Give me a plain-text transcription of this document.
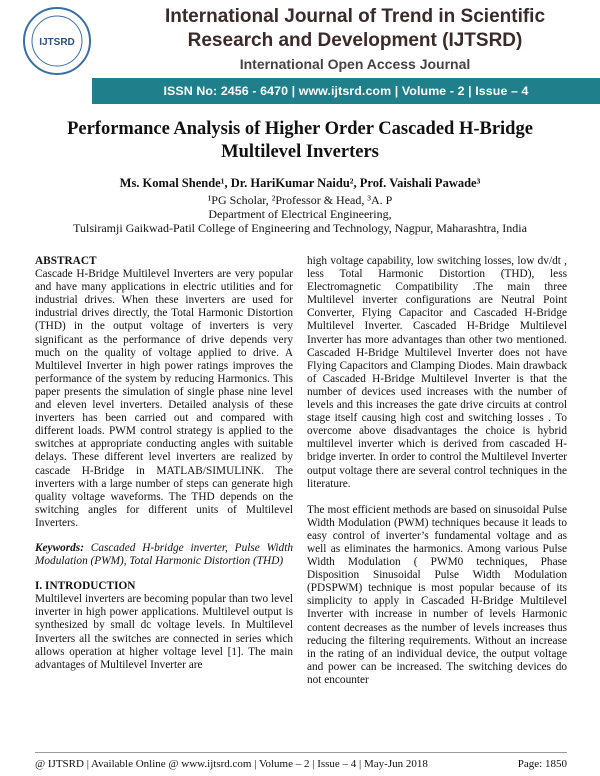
IJTSRD
International Journal of Trend in Scientific
Research and Development (IJTSRD)
International Open Access Journal
ISSN No: 2456 - 6470 | www.ijtsrd.com | Volume - 2 | Issue – 4
Performance Analysis of Higher Order Cascaded H-Bridge
Multilevel Inverters
Ms. Komal Shende¹, Dr. HariKumar Naidu², Prof. Vaishali Pawade³
¹PG Scholar, ²Professor & Head, ³A. P
Department of Electrical Engineering,
Tulsiramji Gaikwad-Patil College of Engineering and Technology, Nagpur, Maharashtra, India

ABSTRACT

Cascade H-Bridge Multilevel Inverters are very popular and have many applications in electric utilities and for industrial drives. When these inverters are used for industrial drives directly, the Total Harmonic Distortion (THD) in the output voltage of inverters is very significant as the performance of drive depends very much on the quality of voltage applied to drive. A Multilevel Inverter in high power ratings improves the performance of the system by reducing Harmonics. This paper presents the simulation of single phase nine level and eleven level inverters. Detailed analysis of these inverters has been carried out and compared with different loads. PWM control strategy is applied to the switches at appropriate conducting angles with suitable delays. These different level inverters are realized by cascade H-Bridge in MATLAB/SIMULINK. The inverters with a large number of steps can generate high quality voltage waveforms. The THD depends on the switching angles for different units of Multilevel Inverters.

Keywords: Cascaded H-bridge inverter, Pulse Width Modulation (PWM), Total Harmonic Distortion (THD)

I. INTRODUCTION

Multilevel inverters are becoming popular than two level inverter in high power applications. Multilevel output is synthesized by small dc voltage levels. In Multilevel Inverters all the switches are connected in series which allows operation at higher voltage level [1]. The main advantages of Multilevel Inverter are

high voltage capability, low switching losses, low dv/dt , less Total Harmonic Distortion (THD), less Electromagnetic Compatibility .The main three Multilevel inverter configurations are Neutral Point Converter, Flying Capacitor and Cascaded H-Bridge Multilevel Inverter. Cascaded H-Bridge Multilevel Inverter has more advantages than other two mentioned. Cascaded H-Bridge Multilevel Inverter does not have Flying Capacitors and Clamping Diodes. Main drawback of Cascaded H-Bridge Multilevel Inverter is that the number of devices used increases with the number of levels and this increases the gate drive circuits at control stage itself causing high cost and switching losses . To overcome above disadvantages the choice is hybrid multilevel inverter which is derived from cascaded H-bridge inverter. In order to control the Multilevel Inverter output voltage there are several control techniques in the literature.

The most efficient methods are based on sinusoidal Pulse Width Modulation (PWM) techniques because it leads to easy control of inverter’s fundamental voltage and as well as eliminates the harmonics. Among various Pulse Width Modulation ( PWM0 techniques, Phase Disposition Sinusoidal Pulse Width Modulation (PDSPWM) technique is most popular because of its simplicity to apply in Cascaded H-Bridge Multilevel Inverter with increase in number of levels Harmonic content decreases as the number of levels increases thus reducing the filtering requirements. Without an increase in the rating of an individual device, the output voltage and power can be increased. The switching devices do not encounter

@ IJTSRD | Available Online @ www.ijtsrd.com | Volume – 2 | Issue – 4 | May-Jun 2018	Page: 1850
